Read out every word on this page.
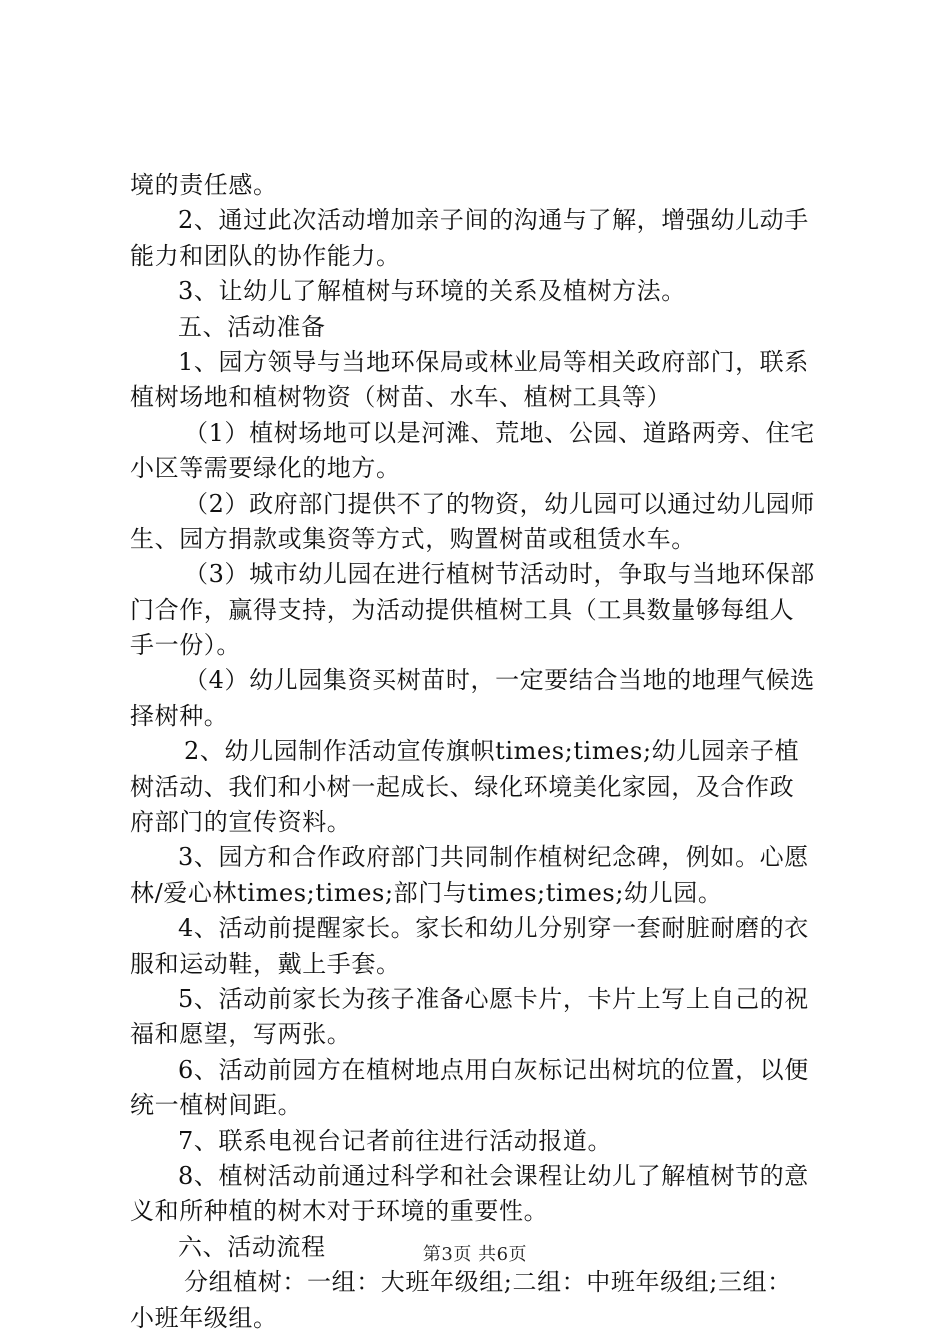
境的责任感。
2、通过此次活动增加亲子间的沟通与了解，增强幼儿动手
能力和团队的协作能力。
3、让幼儿了解植树与环境的关系及植树方法。
五、活动准备
1、园方领导与当地环保局或林业局等相关政府部门，联系
植树场地和植树物资（树苗、水车、植树工具等）
（1）植树场地可以是河滩、荒地、公园、道路两旁、住宅
小区等需要绿化的地方。
（2）政府部门提供不了的物资，幼儿园可以通过幼儿园师
生、园方捐款或集资等方式，购置树苗或租赁水车。
（3）城市幼儿园在进行植树节活动时，争取与当地环保部
门合作，赢得支持，为活动提供植树工具（工具数量够每组人
手一份）。
（4）幼儿园集资买树苗时，一定要结合当地的地理气候选
择树种。
2、幼儿园制作活动宣传旗帜times;times;幼儿园亲子植
树活动、我们和小树一起成长、绿化环境美化家园，及合作政
府部门的宣传资料。
3、园方和合作政府部门共同制作植树纪念碑，例如。心愿
林/爱心林times;times;部门与times;times;幼儿园。
4、活动前提醒家长。家长和幼儿分别穿一套耐脏耐磨的衣
服和运动鞋，戴上手套。
5、活动前家长为孩子准备心愿卡片，卡片上写上自己的祝
福和愿望，写两张。
6、活动前园方在植树地点用白灰标记出树坑的位置，以便
统一植树间距。
7、联系电视台记者前往进行活动报道。
8、植树活动前通过科学和社会课程让幼儿了解植树节的意
义和所种植的树木对于环境的重要性。
六、活动流程
分组植树：一组：大班年级组;二组：中班年级组;三组：
小班年级组。
第3页 共6页
